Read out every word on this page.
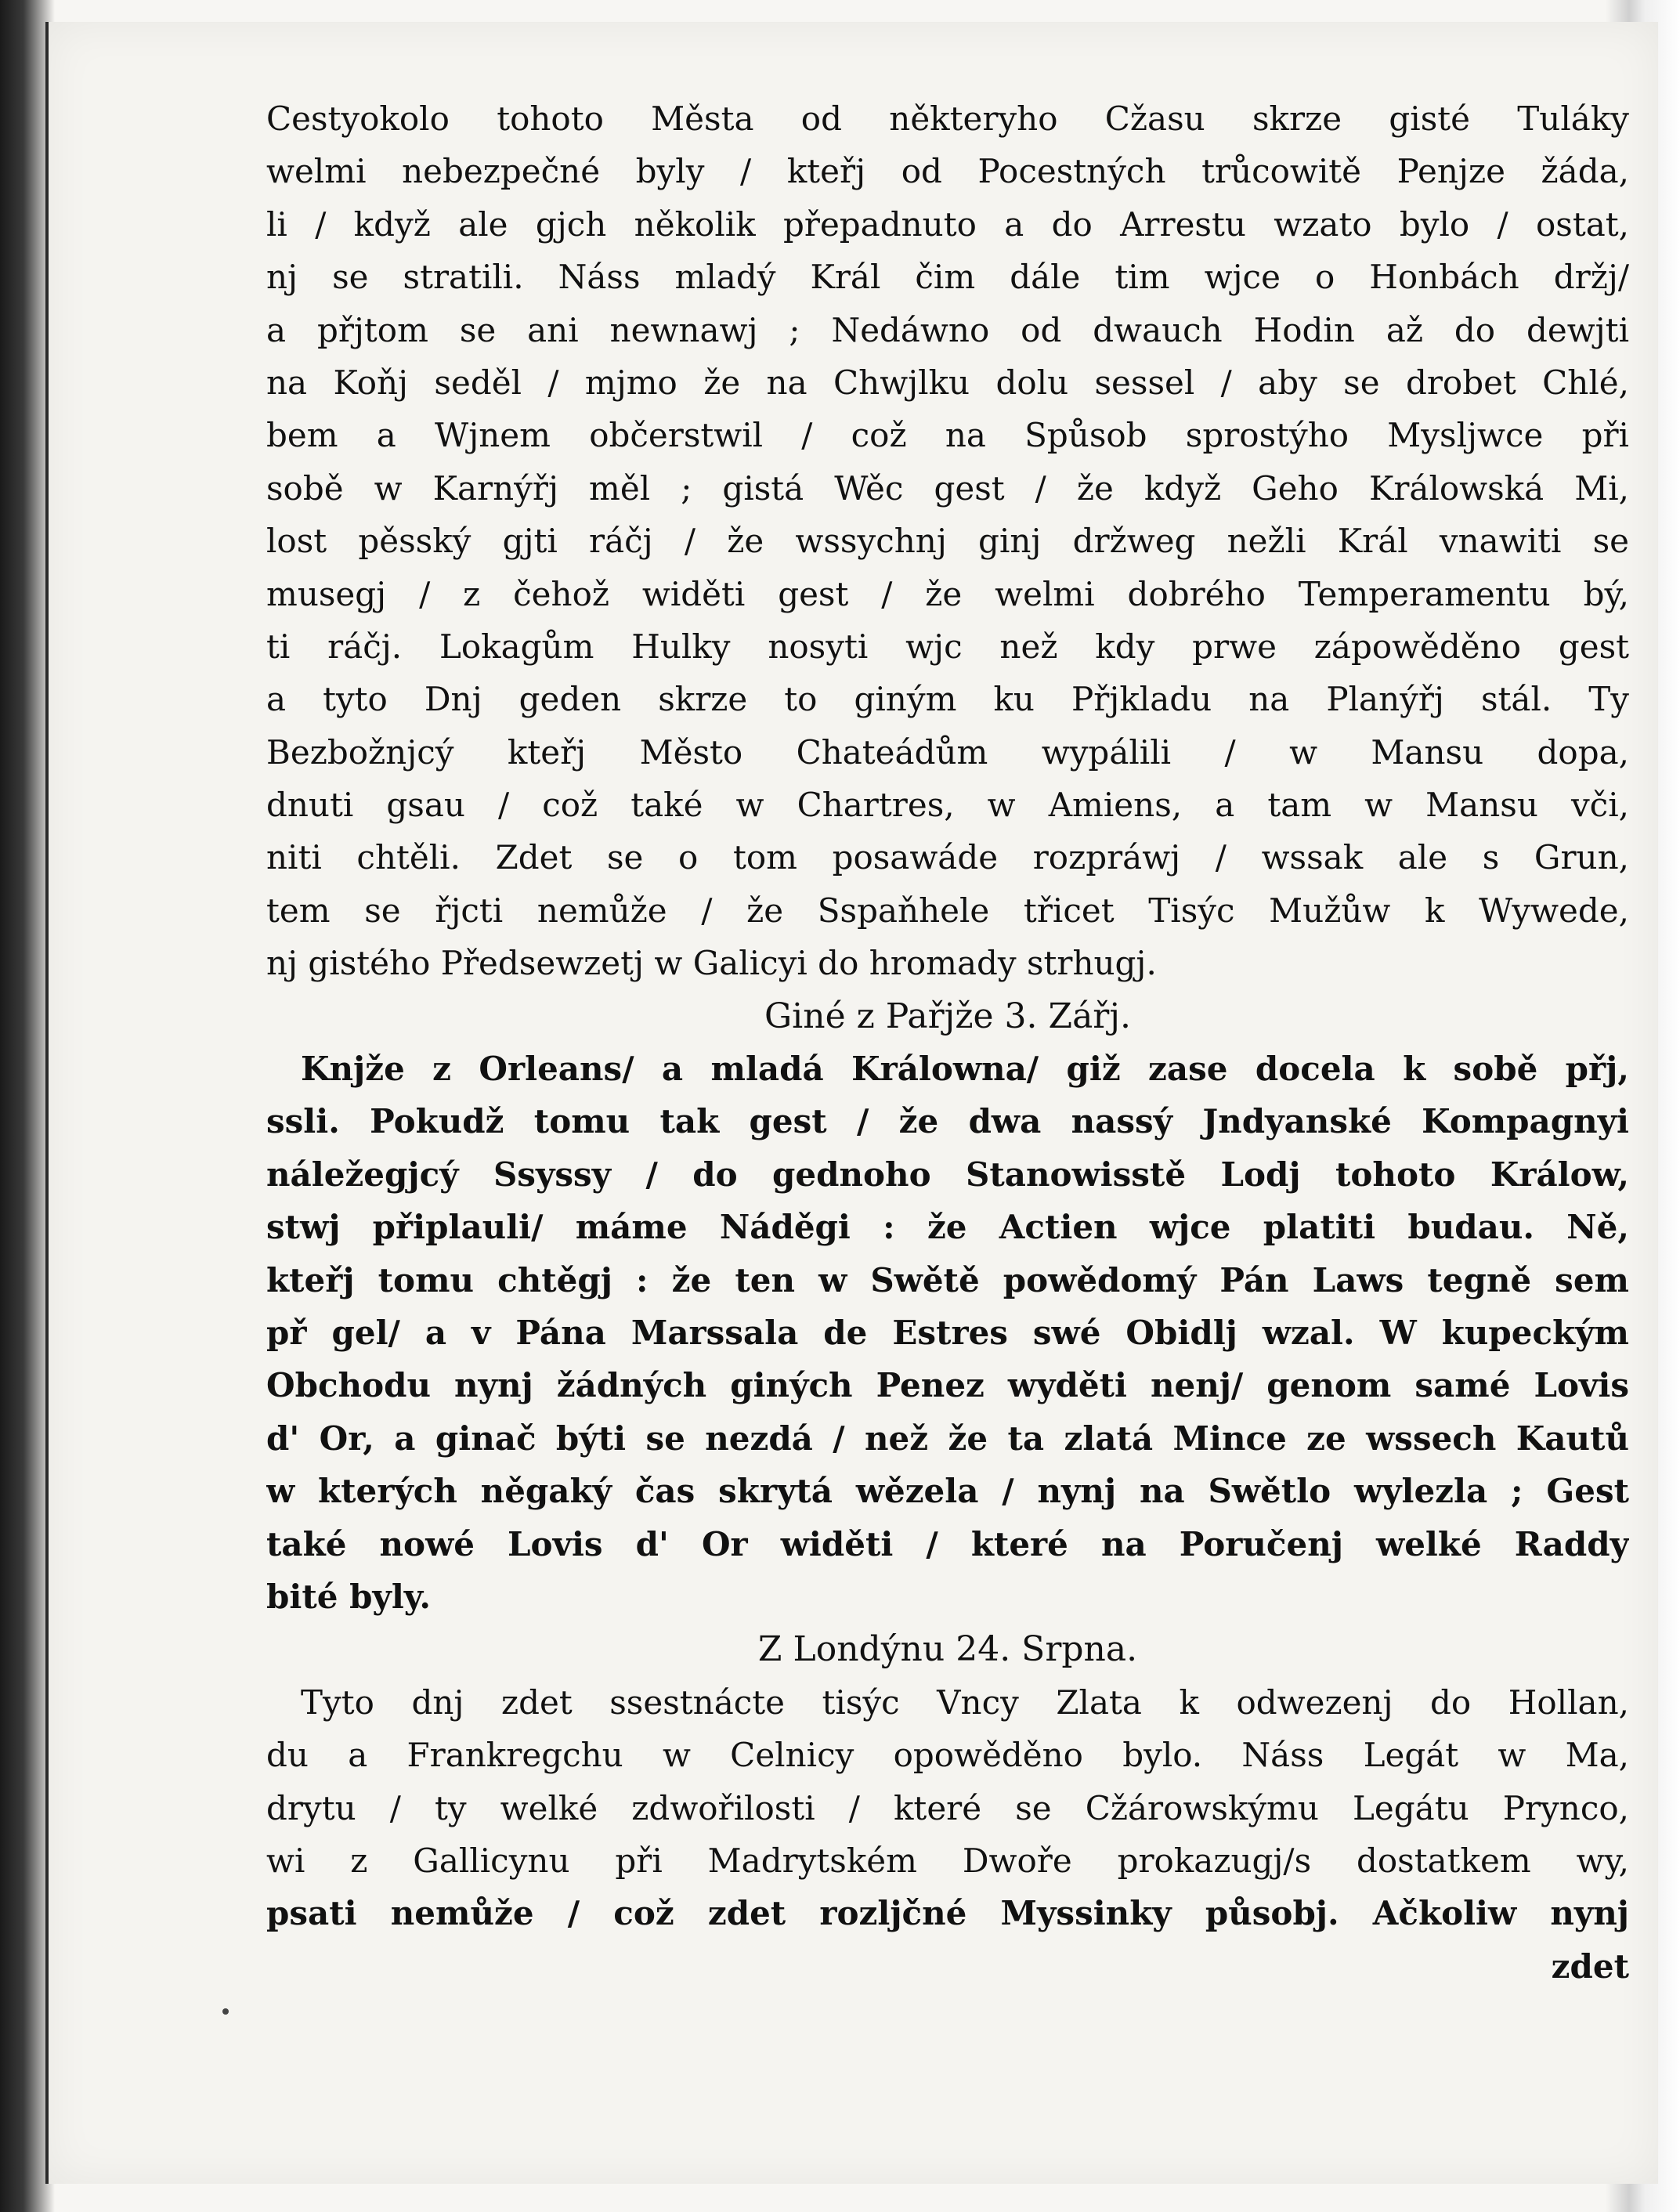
Cestyokolo tohoto Města od některyho Cžasu skrze gisté Tuláky
welmi nebezpečné byly / kteřj od Pocestných trůcowitě Penjze žáda,
li / když ale gjch několik přepadnuto a do Arrestu wzato bylo / ostat,
nj se stratili. Náss mladý Král čim dále tim wjce o Honbách držj/
a přjtom se ani newnawj ; Nedáwno od dwauch Hodin až do dewjti
na Koňj seděl / mjmo že na Chwjlku dolu sessel / aby se drobet Chlé,
bem a Wjnem občerstwil / což na Spůsob sprostýho Myslјwce při
sobě w Karnýřj měl ; gistá Wěc gest / že když Geho Králowská Mi,
lost pěsský gjti ráčj / že wssychnj ginj držweg nežli Král vnawiti se
musegj / z čehož widěti gest / že welmi dobrého Temperamentu bý,
ti ráčj. Lokagům Hulky nosyti wjc než kdy prwe zápowěděno gest
a tyto Dnj geden skrze to giným ku Přjkladu na Planýřj stál. Ty
Bezbožnjcý kteřj Město Chateádům wypálili / w Mansu dopa,
dnuti gsau / což také w Chartres, w Amiens, a tam w Mansu vči,
niti chtěli. Zdet se o tom posawáde rozpráwj / wssak ale s Grun,
tem se řjcti nemůže / že Sspaňhele třicet Tisýc Mužůw k Wywede,
nj gistého Předsewzetj w Galicyi do hromady strhugj.
Giné z Pařjže 3. Zářj.
Knjže z Orleans/ a mladá Králowna/ giž zase docela k sobě přj,
ssli. Pokudž tomu tak gest / že dwa nassý Jndyanské Kompagnyi
náležegjcý Ssyssy / do gednoho Stanowisstě Lodj tohoto Králow,
stwj připlauli/ máme Náděgi : že Actien wjce platiti budau. Ně,
kteřj tomu chtěgj : že ten w Swětě powědomý Pán Laws tegně sem
př gel/ a v Pána Marssala de Estres swé Obidlj wzal. W kupeckým
Obchodu nynj žádných giných Penez wyděti nenj/ genom samé Lovis
d' Or, a ginač býti se nezdá / než že ta zlatá Mince ze wssech Kautů
w kterých něgaký čas skrytá wězela / nynj na Swětlo wylezla ; Gest
také nowé Lovis d' Or widěti / které na Poručenj welké Raddy
bité byly.
Z Londýnu 24. Srpna.
Tyto dnj zdet ssestnácte tisýc Vncy Zlata k odwezenj do Hollan,
du a Frankregchu w Celnicy opowěděno bylo. Náss Legát w Ma,
drytu / ty welké zdwořilosti / které se Cžárowskýmu Legátu Pryncо,
wi z Gallicynu při Madrytském Dwoře prokazugj/s dostatkem wy,
psati nemůže / což zdet rozljčné Myssinky působj. Ačkoliw nynj
zdet
